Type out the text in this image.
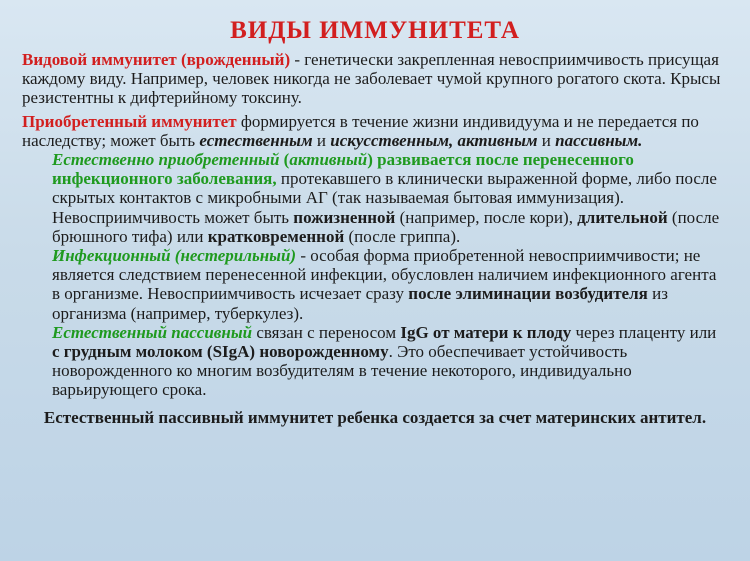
ВИДЫ ИММУНИТЕТА

Видовой иммунитет (врожденный) - генетически закрепленная невосприимчивость присущая каждому виду. Например, человек никогда не заболевает чумой крупного рогатого скота. Крысы резистентны к дифтерийному токсину.

Приобретенный иммунитет формируется в течение жизни индивидуума и не передается по наследству; может быть естественным и искусственным, активным и пассивным.

Естественно приобретенный (активный) развивается после перенесенного инфекционного заболевания, протекавшего в клинически выраженной форме, либо после скрытых контактов с микробными АГ (так называемая бытовая иммунизация). Невосприимчивость может быть пожизненной (например, после кори), длительной (после брюшного тифа) или кратковременной (после гриппа).

Инфекционный (нестерильный) - особая форма приобретенной невосприимчивости; не является следствием перенесенной инфекции, обусловлен наличием инфекционного агента в организме. Невосприимчивость исчезает сразу после элиминации возбудителя из организма (например, туберкулез).

Естественный пассивный связан с переносом IgG от матери к плоду через плаценту или с грудным молоком (SIgA) новорожденному. Это обеспечивает устойчивость новорожденного ко многим возбудителям в течение некоторого, индивидуально варьирующего срока.

Естественный пассивный иммунитет ребенка создается за счет материнских антител.
